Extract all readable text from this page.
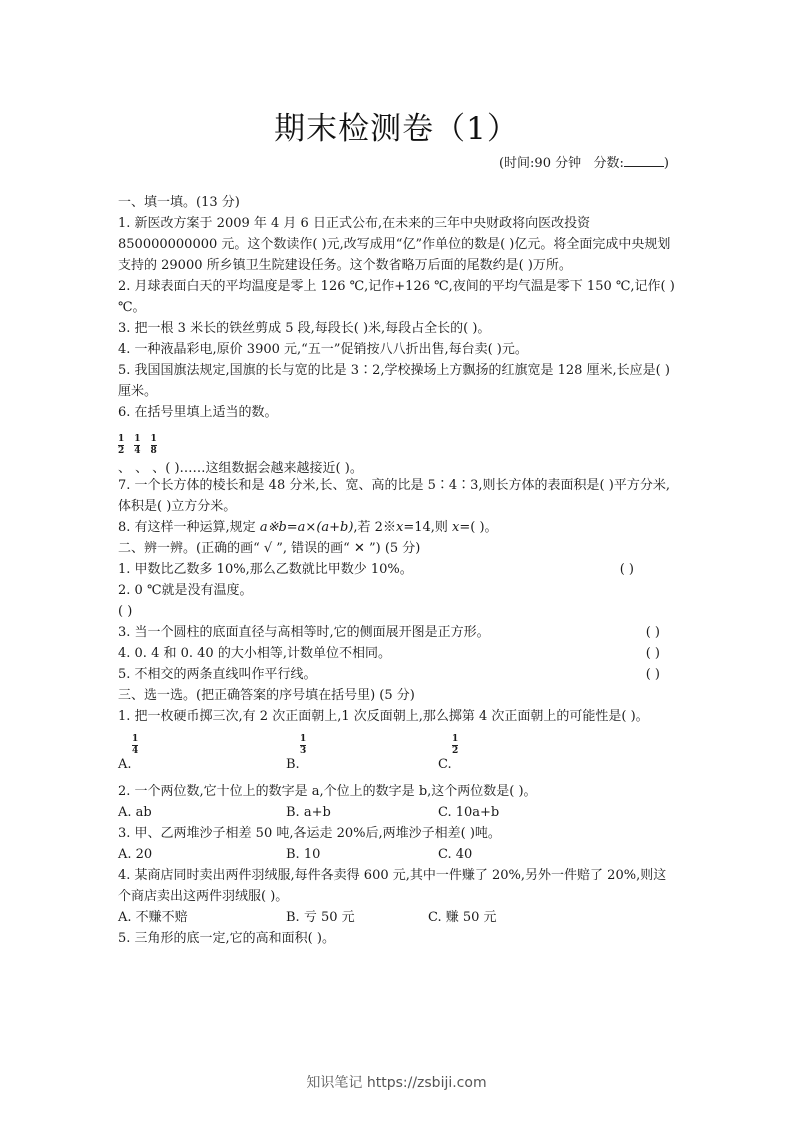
期末检测卷（1）
(时间:90 分钟 分数:	)
一、填一填。(13 分)
1. 新医改方案于 2009 年 4 月 6 日正式公布,在未来的三年中央财政将向医改投资 850000000000 元。这个数读作( )元,改写成用“亿”作单位的数是( )亿元。将全面完成中央规划支持的 29000 所乡镇卫生院建设任务。这个数省略万后面的尾数约是( )万所。
2. 月球表面白天的平均温度是零上 126 ℃,记作+126 ℃,夜间的平均气温是零下 150 ℃,记作( )℃。
3. 把一根 3 米长的铁丝剪成 5 段,每段长( )米,每段占全长的( )。
4. 一种液晶彩电,原价 3900 元,“五一”促销按八八折出售,每台卖( )元。
5. 我国国旗法规定,国旗的长与宽的比是 3∶2,学校操场上方飘扬的红旗宽是 128 厘米,长应是( )厘米。
6. 在括号里填上适当的数。
$\frac{1}{2} \frac{1}{4} \frac{1}{8}$
、 、 、( )……这组数据会越来越接近( )。
7. 一个长方体的棱长和是 48 分米,长、宽、高的比是 5∶4∶3,则长方体的表面积是( )平方分米,体积是( )立方分米。
8. 有这样一种运算,规定 a※b=a×(a+b),若 2※x=14,则 x=( )。
二、辨一辨。(正确的画“ √ ”, 错误的画“ ✕ ”) (5 分)
1. 甲数比乙数多 10%,那么乙数就比甲数少 10%。	( )
2. 0 ℃就是没有温度。
( )
3. 当一个圆柱的底面直径与高相等时,它的侧面展开图是正方形。	( )
4. 0. 4 和 0. 40 的大小相等,计数单位不相同。	( )
5. 不相交的两条直线叫作平行线。	( )
三、选一选。(把正确答案的序号填在括号里) (5 分)
1. 把一枚硬币掷三次,有 2 次正面朝上,1 次反面朝上,那么掷第 4 次正面朝上的可能性是( )。
A.
1
4
B.
1
3
C.
1
2
2. 一个两位数,它十位上的数字是 a,个位上的数字是 b,这个两位数是( )。
A. ab	B. a+b	C. 10a+b
3. 甲、乙两堆沙子相差 50 吨,各运走 20%后,两堆沙子相差( )吨。
A. 20	B. 10	C. 40
4. 某商店同时卖出两件羽绒服,每件各卖得 600 元,其中一件赚了 20%,另外一件赔了 20%,则这个商店卖出这两件羽绒服( )。
A. 不赚不赔	B. 亏 50 元	C. 赚 50 元
5. 三角形的底一定,它的高和面积( )。
知识笔记 https://zsbiji.com
